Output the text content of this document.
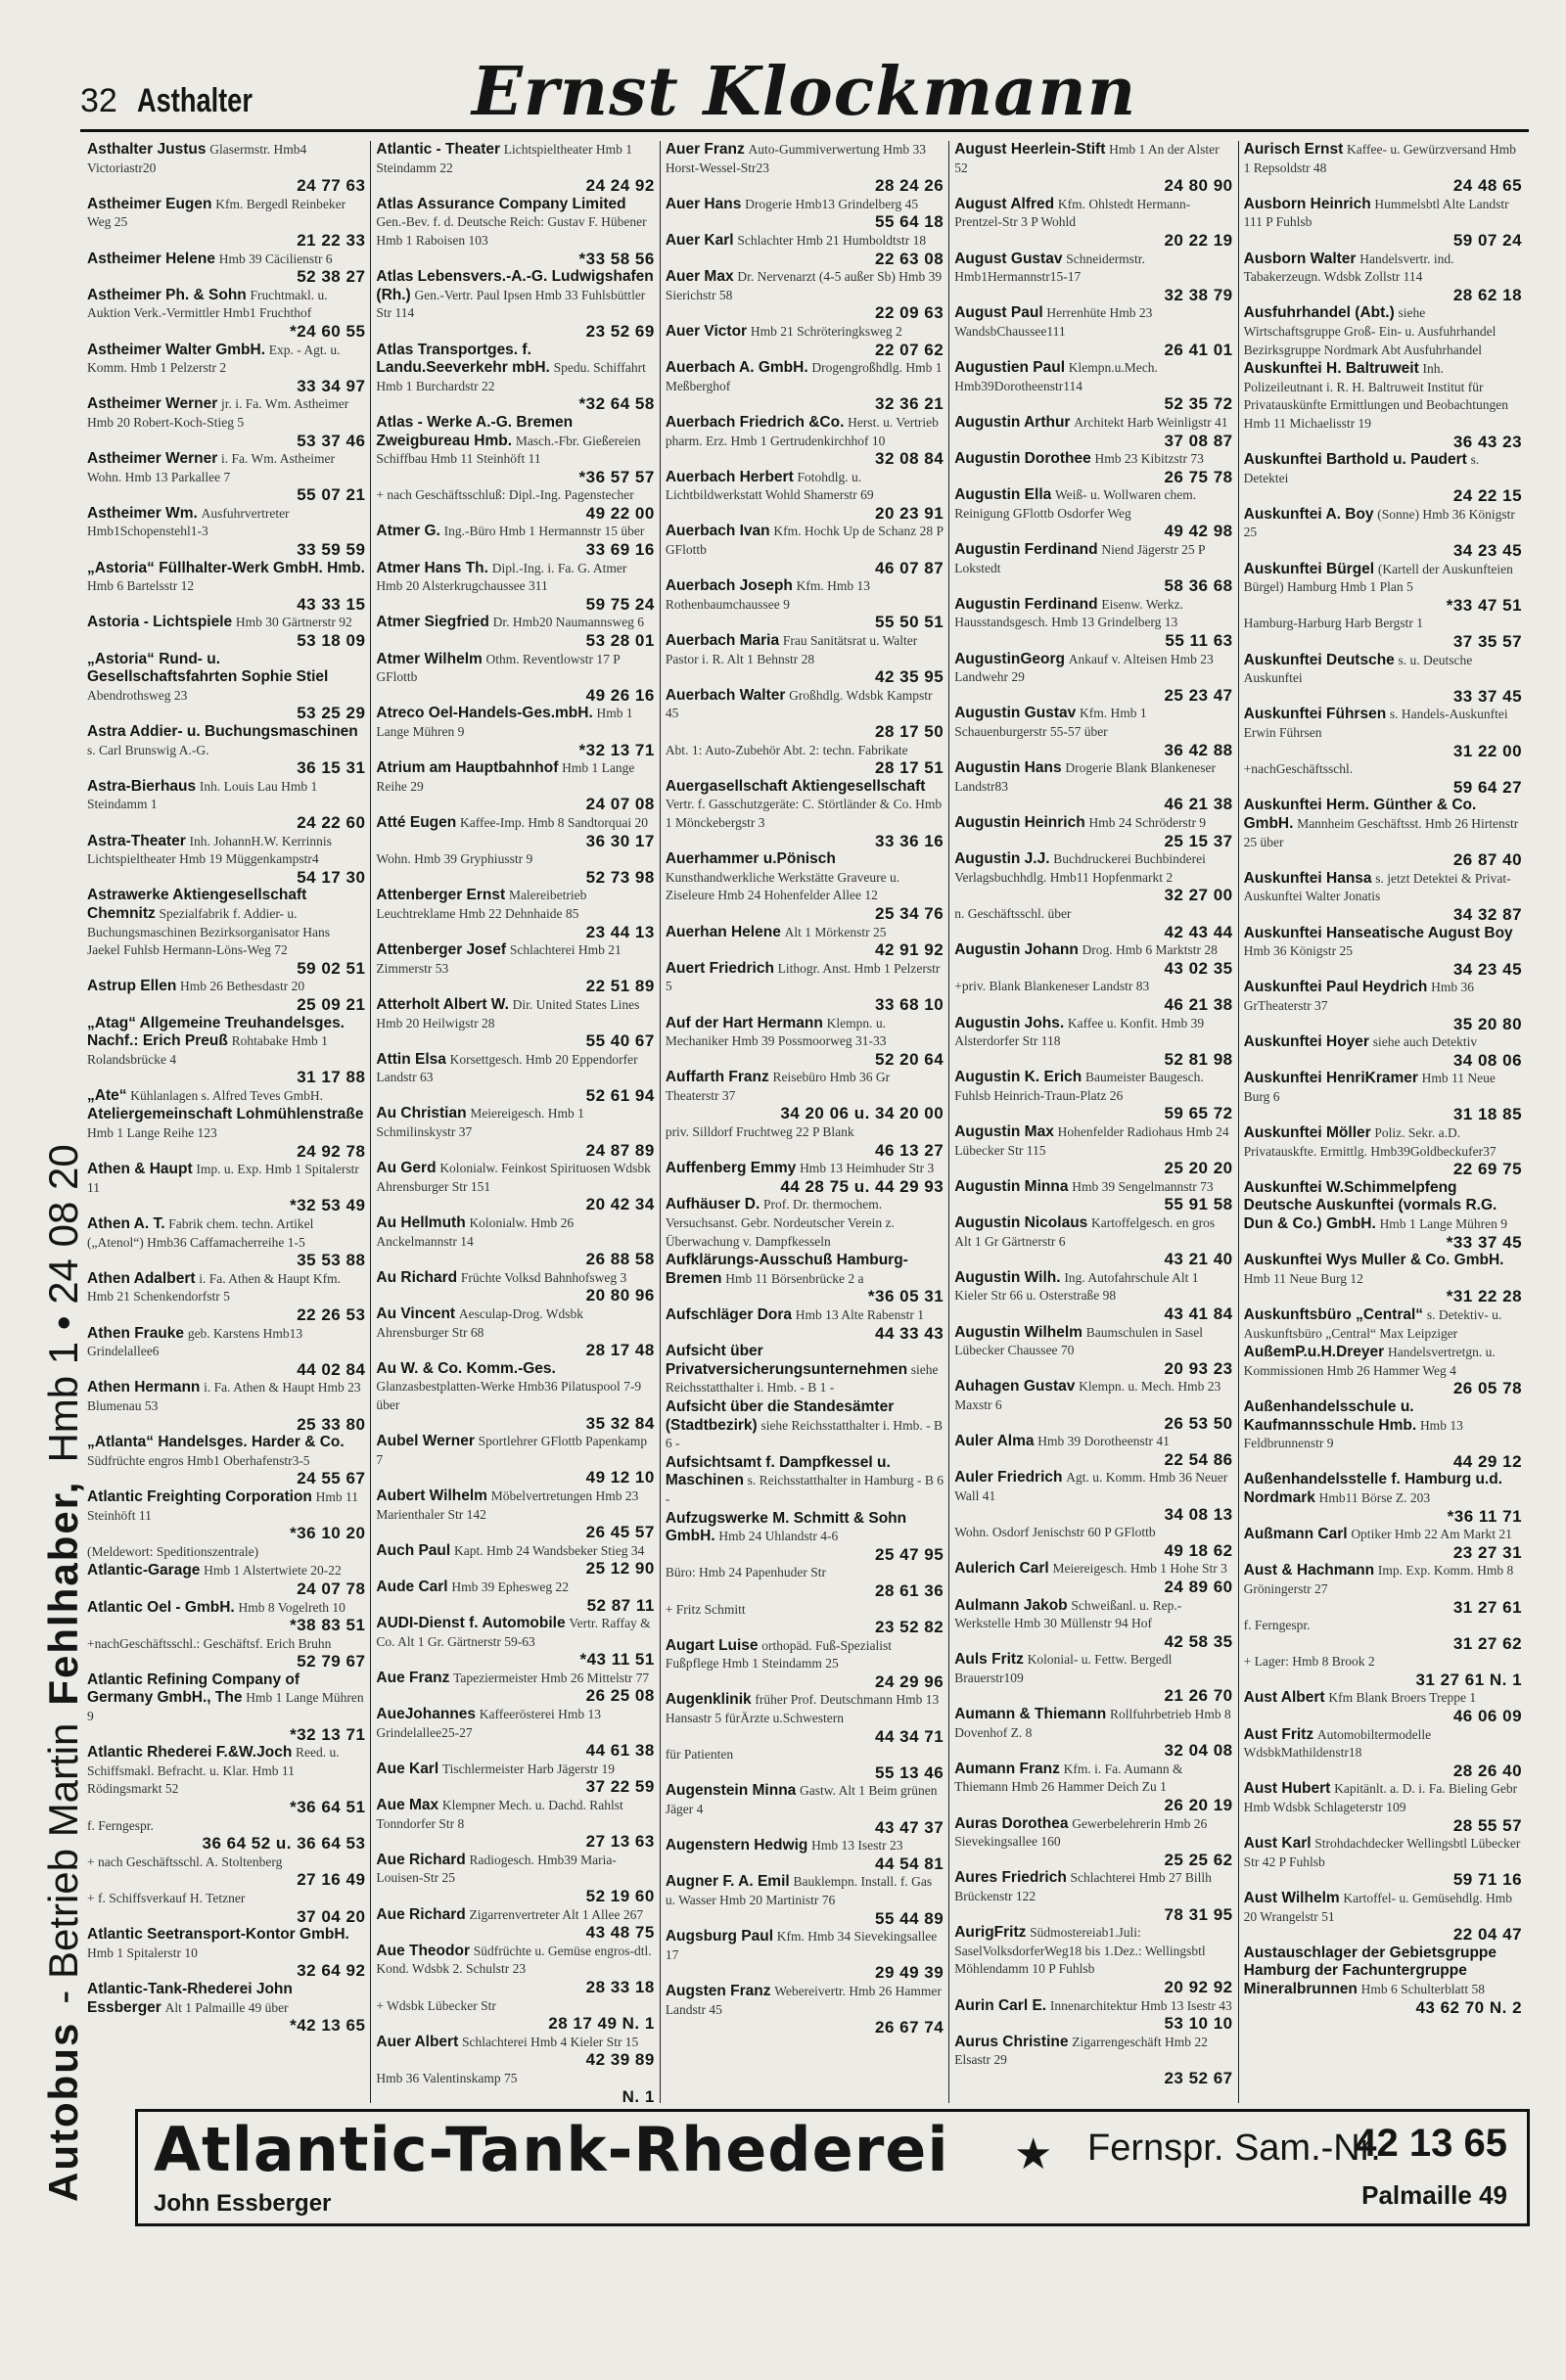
32 Asthalter	Ernst Klockmann
Autobus
- Betrieb Martin
Fehlhaber,
Hmb 1 • 24 08 20
Asthalter Justus Glasermstr. Hmb4 Victoriastr20
24 77 63
Astheimer Eugen Kfm. Bergedl Reinbeker Weg 25
21 22 33
Astheimer Helene Hmb 39 Cäcilienstr 6
52 38 27
Astheimer Ph. & Sohn Fruchtmakl. u. Auktion Verk.-Vermittler Hmb1 Fruchthof
*24 60 55
Astheimer Walter GmbH. Exp. - Agt. u. Komm. Hmb 1 Pelzerstr 2
33 34 97
Astheimer Werner jr. i. Fa. Wm. Astheimer Hmb 20 Robert-Koch-Stieg 5
53 37 46
Astheimer Werner i. Fa. Wm. Astheimer Wohn. Hmb 13 Parkallee 7
55 07 21
Astheimer Wm. Ausfuhrvertreter Hmb1Schopenstehl1-3
33 59 59
„Astoria“ Füllhalter-Werk GmbH. Hmb. Hmb 6 Bartelsstr 12
43 33 15
Astoria - Lichtspiele Hmb 30 Gärtnerstr 92
53 18 09
„Astoria“ Rund- u. Gesellschaftsfahrten Sophie Stiel Abendrothsweg 23
53 25 29
Astra Addier- u. Buchungsmaschinen s. Carl Brunswig A.-G.
36 15 31
Astra-Bierhaus Inh. Louis Lau Hmb 1 Steindamm 1
24 22 60
Astra-Theater Inh. JohannH.W. Kerrinnis Lichtspieltheater Hmb 19 Müggenkampstr4
54 17 30
Astrawerke Aktiengesellschaft Chemnitz Spezialfabrik f. Addier- u. Buchungsmaschinen Bezirksorganisator Hans Jaekel Fuhlsb Hermann-Löns-Weg 72
59 02 51
Astrup Ellen Hmb 26 Bethesdastr 20
25 09 21
„Atag“ Allgemeine Treuhandelsges. Nachf.: Erich Preuß Rohtabake Hmb 1 Rolandsbrücke 4
31 17 88
„Ate“ Kühlanlagen s. Alfred Teves GmbH.
Ateliergemeinschaft Lohmühlenstraße Hmb 1 Lange Reihe 123
24 92 78
Athen & Haupt Imp. u. Exp. Hmb 1 Spitalerstr 11
*32 53 49
Athen A. T. Fabrik chem. techn. Artikel („Atenol“) Hmb36 Caffamacherreihe 1-5
35 53 88
Athen Adalbert i. Fa. Athen & Haupt Kfm. Hmb 21 Schenkendorfstr 5
22 26 53
Athen Frauke geb. Karstens Hmb13 Grindelallee6
44 02 84
Athen Hermann i. Fa. Athen & Haupt Hmb 23 Blumenau 53
25 33 80
„Atlanta“ Handelsges. Harder & Co. Südfrüchte engros Hmb1 Oberhafenstr3-5
24 55 67
Atlantic Freighting Corporation Hmb 11 Steinhöft 11
*36 10 20
(Meldewort: Speditionszentrale)
Atlantic-Garage Hmb 1 Alstertwiete 20-22
24 07 78
Atlantic Oel - GmbH. Hmb 8 Vogelreth 10
*38 83 51
+nachGeschäftsschl.: Geschäftsf. Erich Bruhn
52 79 67
Atlantic Refining Company of Germany GmbH., The Hmb 1 Lange Mühren 9
*32 13 71
Atlantic Rhederei F.&W.Joch Reed. u. Schiffsmakl. Befracht. u. Klar. Hmb 11 Rödingsmarkt 52
*36 64 51
f. Ferngespr.
36 64 52 u. 36 64 53
+ nach Geschäftsschl. A. Stoltenberg
27 16 49
+ f. Schiffsverkauf H. Tetzner
37 04 20
Atlantic Seetransport-Kontor GmbH. Hmb 1 Spitalerstr 10
32 64 92
Atlantic-Tank-Rhederei John Essberger Alt 1 Palmaille 49 über
*42 13 65
Atlantic - Theater Lichtspieltheater Hmb 1 Steindamm 22
24 24 92
Atlas Assurance Company Limited Gen.-Bev. f. d. Deutsche Reich: Gustav F. Hübener Hmb 1 Raboisen 103
*33 58 56
Atlas Lebensvers.-A.-G. Ludwigshafen (Rh.) Gen.-Vertr. Paul Ipsen Hmb 33 Fuhlsbüttler Str 114
23 52 69
Atlas Transportges. f. Landu.Seeverkehr mbH. Spedu. Schiffahrt Hmb 1 Burchardstr 22
*32 64 58
Atlas - Werke A.-G. Bremen Zweigbureau Hmb. Masch.-Fbr. Gießereien Schiffbau Hmb 11 Steinhöft 11
*36 57 57
+ nach Geschäftsschluß: Dipl.-Ing. Pagenstecher
49 22 00
Atmer G. Ing.-Büro Hmb 1 Hermannstr 15 über
33 69 16
Atmer Hans Th. Dipl.-Ing. i. Fa. G. Atmer Hmb 20 Alsterkrugchaussee 311
59 75 24
Atmer Siegfried Dr. Hmb20 Naumannsweg 6
53 28 01
Atmer Wilhelm Othm. Reventlowstr 17 P GFlottb
49 26 16
Atreco Oel-Handels-Ges.mbH. Hmb 1 Lange Mühren 9
*32 13 71
Atrium am Hauptbahnhof Hmb 1 Lange Reihe 29
24 07 08
Atté Eugen Kaffee-Imp. Hmb 8 Sandtorquai 20
36 30 17
Wohn. Hmb 39 Gryphiusstr 9
52 73 98
Attenberger Ernst Malereibetrieb Leuchtreklame Hmb 22 Dehnhaide 85
23 44 13
Attenberger Josef Schlachterei Hmb 21 Zimmerstr 53
22 51 89
Atterholt Albert W. Dir. United States Lines Hmb 20 Heilwigstr 28
55 40 67
Attin Elsa Korsettgesch. Hmb 20 Eppendorfer Landstr 63
52 61 94
Au Christian Meiereigesch. Hmb 1 Schmilinskystr 37
24 87 89
Au Gerd Kolonialw. Feinkost Spirituosen Wdsbk Ahrensburger Str 151
20 42 34
Au Hellmuth Kolonialw. Hmb 26 Anckelmannstr 14
26 88 58
Au Richard Früchte Volksd Bahnhofsweg 3
20 80 96
Au Vincent Aesculap-Drog. Wdsbk Ahrensburger Str 68
28 17 48
Au W. & Co. Komm.-Ges. Glanzasbestplatten-Werke Hmb36 Pilatuspool 7-9 über
35 32 84
Aubel Werner Sportlehrer GFlottb Papenkamp 7
49 12 10
Aubert Wilhelm Möbelvertretungen Hmb 23 Marienthaler Str 142
26 45 57
Auch Paul Kapt. Hmb 24 Wandsbeker Stieg 34
25 12 90
Aude Carl Hmb 39 Ephesweg 22
52 87 11
AUDI-Dienst f. Automobile Vertr. Raffay & Co. Alt 1 Gr. Gärtnerstr 59-63
*43 11 51
Aue Franz Tapeziermeister Hmb 26 Mittelstr 77
26 25 08
AueJohannes Kaffeerösterei Hmb 13 Grindelallee25-27
44 61 38
Aue Karl Tischlermeister Harb Jägerstr 19
37 22 59
Aue Max Klempner Mech. u. Dachd. Rahlst Tonndorfer Str 8
27 13 63
Aue Richard Radiogesch. Hmb39 Maria-Louisen-Str 25
52 19 60
Aue Richard Zigarrenvertreter Alt 1 Allee 267
43 48 75
Aue Theodor Südfrüchte u. Gemüse engros-dtl. Kond. Wdsbk 2. Schulstr 23
28 33 18
+ Wdsbk Lübecker Str
28 17 49 N. 1
Auer Albert Schlachterei Hmb 4 Kieler Str 15
42 39 89
Hmb 36 Valentinskamp 75
N. 1
Auer Franz Auto-Gummiverwertung Hmb 33 Horst-Wessel-Str23
28 24 26
Auer Hans Drogerie Hmb13 Grindelberg 45
55 64 18
Auer Karl Schlachter Hmb 21 Humboldtstr 18
22 63 08
Auer Max Dr. Nervenarzt (4-5 außer Sb) Hmb 39 Sierichstr 58
22 09 63
Auer Victor Hmb 21 Schröteringksweg 2
22 07 62
Auerbach A. GmbH. Drogengroßhdlg. Hmb 1 Meßberghof
32 36 21
Auerbach Friedrich &Co. Herst. u. Vertrieb pharm. Erz. Hmb 1 Gertrudenkirchhof 10
32 08 84
Auerbach Herbert Fotohdlg. u. Lichtbildwerkstatt Wohld Shamerstr 69
20 23 91
Auerbach Ivan Kfm. Hochk Up de Schanz 28 P GFlottb
46 07 87
Auerbach Joseph Kfm. Hmb 13 Rothenbaumchaussee 9
55 50 51
Auerbach Maria Frau Sanitätsrat u. Walter Pastor i. R. Alt 1 Behnstr 28
42 35 95
Auerbach Walter Großhdlg. Wdsbk Kampstr 45
28 17 50
Abt. 1: Auto-Zubehör Abt. 2: techn. Fabrikate
28 17 51
Auergasellschaft Aktiengesellschaft Vertr. f. Gasschutzgeräte: C. Störtländer & Co. Hmb 1 Mönckebergstr 3
33 36 16
Auerhammer u.Pönisch Kunsthandwerkliche Werkstätte Graveure u. Ziseleure Hmb 24 Hohenfelder Allee 12
25 34 76
Auerhan Helene Alt 1 Mörkenstr 25
42 91 92
Auert Friedrich Lithogr. Anst. Hmb 1 Pelzerstr 5
33 68 10
Auf der Hart Hermann Klempn. u. Mechaniker Hmb 39 Possmoorweg 31-33
52 20 64
Auffarth Franz Reisebüro Hmb 36 Gr Theaterstr 37
34 20 06 u. 34 20 00
priv. Silldorf Fruchtweg 22 P Blank
46 13 27
Auffenberg Emmy Hmb 13 Heimhuder Str 3
44 28 75 u. 44 29 93
Aufhäuser D. Prof. Dr. thermochem. Versuchsanst. Gebr. Nordeutscher Verein z. Überwachung v. Dampfkesseln
Aufklärungs-Ausschuß Hamburg-Bremen Hmb 11 Börsenbrücke 2 a
*36 05 31
Aufschläger Dora Hmb 13 Alte Rabenstr 1
44 33 43
Aufsicht über Privatversicherungsunternehmen siehe Reichsstatthalter i. Hmb. - B 1 -
Aufsicht über die Standesämter (Stadtbezirk) siehe Reichsstatthalter i. Hmb. - B 6 -
Aufsichtsamt f. Dampfkessel u. Maschinen s. Reichsstatthalter in Hamburg - B 6 -
Aufzugswerke M. Schmitt & Sohn GmbH. Hmb 24 Uhlandstr 4-6
25 47 95
Büro: Hmb 24 Papenhuder Str
28 61 36
+ Fritz Schmitt
23 52 82
Augart Luise orthopäd. Fuß-Spezialist Fußpflege Hmb 1 Steindamm 25
24 29 96
Augenklinik früher Prof. Deutschmann Hmb 13 Hansastr 5 fürÄrzte u.Schwestern
44 34 71
für Patienten
55 13 46
Augenstein Minna Gastw. Alt 1 Beim grünen Jäger 4
43 47 37
Augenstern Hedwig Hmb 13 Isestr 23
44 54 81
Augner F. A. Emil Bauklempn. Install. f. Gas u. Wasser Hmb 20 Martinistr 76
55 44 89
Augsburg Paul Kfm. Hmb 34 Sievekingsallee 17
29 49 39
Augsten Franz Webereivertr. Hmb 26 Hammer Landstr 45
26 67 74
August Heerlein-Stift Hmb 1 An der Alster 52
24 80 90
August Alfred Kfm. Ohlstedt Hermann-Prentzel-Str 3 P Wohld
20 22 19
August Gustav Schneidermstr. Hmb1Hermannstr15-17
32 38 79
August Paul Herrenhüte Hmb 23 WandsbChaussee111
26 41 01
Augustien Paul Klempn.u.Mech. Hmb39Dorotheenstr114
52 35 72
Augustin Arthur Architekt Harb Weinligstr 41
37 08 87
Augustin Dorothee Hmb 23 Kibitzstr 73
26 75 78
Augustin Ella Weiß- u. Wollwaren chem. Reinigung GFlottb Osdorfer Weg
49 42 98
Augustin Ferdinand Niend Jägerstr 25 P Lokstedt
58 36 68
Augustin Ferdinand Eisenw. Werkz. Hausstandsgesch. Hmb 13 Grindelberg 13
55 11 63
AugustinGeorg Ankauf v. Alteisen Hmb 23 Landwehr 29
25 23 47
Augustin Gustav Kfm. Hmb 1 Schauenburgerstr 55-57 über
36 42 88
Augustin Hans Drogerie Blank Blankeneser Landstr83
46 21 38
Augustin Heinrich Hmb 24 Schröderstr 9
25 15 37
Augustin J.J. Buchdruckerei Buchbinderei Verlagsbuchhdlg. Hmb11 Hopfenmarkt 2
32 27 00
n. Geschäftsschl. über
42 43 44
Augustin Johann Drog. Hmb 6 Marktstr 28
43 02 35
+priv. Blank Blankeneser Landstr 83
46 21 38
Augustin Johs. Kaffee u. Konfit. Hmb 39 Alsterdorfer Str 118
52 81 98
Augustin K. Erich Baumeister Baugesch. Fuhlsb Heinrich-Traun-Platz 26
59 65 72
Augustin Max Hohenfelder Radiohaus Hmb 24 Lübecker Str 115
25 20 20
Augustin Minna Hmb 39 Sengelmannstr 73
55 91 58
Augustin Nicolaus Kartoffelgesch. en gros Alt 1 Gr Gärtnerstr 6
43 21 40
Augustin Wilh. Ing. Autofahrschule Alt 1 Kieler Str 66 u. Osterstraße 98
43 41 84
Augustin Wilhelm Baumschulen in Sasel Lübecker Chaussee 70
20 93 23
Auhagen Gustav Klempn. u. Mech. Hmb 23 Maxstr 6
26 53 50
Auler Alma Hmb 39 Dorotheenstr 41
22 54 86
Auler Friedrich Agt. u. Komm. Hmb 36 Neuer Wall 41
34 08 13
Wohn. Osdorf Jenischstr 60 P GFlottb
49 18 62
Aulerich Carl Meiereigesch. Hmb 1 Hohe Str 3
24 89 60
Aulmann Jakob Schweißanl. u. Rep.-Werkstelle Hmb 30 Müllenstr 94 Hof
42 58 35
Auls Fritz Kolonial- u. Fettw. Bergedl Brauerstr109
21 26 70
Aumann & Thiemann Rollfuhrbetrieb Hmb 8 Dovenhof Z. 8
32 04 08
Aumann Franz Kfm. i. Fa. Aumann & Thiemann Hmb 26 Hammer Deich Zu 1
26 20 19
Auras Dorothea Gewerbelehrerin Hmb 26 Sievekingsallee 160
25 25 62
Aures Friedrich Schlachterei Hmb 27 Billh Brückenstr 122
78 31 95
AurigFritz Südmostereiab1.Juli: SaselVolksdorferWeg18 bis 1.Dez.: Wellingsbtl Möhlendamm 10 P Fuhlsb
20 92 92
Aurin Carl E. Innenarchitektur Hmb 13 Isestr 43
53 10 10
Aurus Christine Zigarrengeschäft Hmb 22 Elsastr 29
23 52 67
Aurisch Ernst Kaffee- u. Gewürzversand Hmb 1 Repsoldstr 48
24 48 65
Ausborn Heinrich Hummelsbtl Alte Landstr 111 P Fuhlsb
59 07 24
Ausborn Walter Handelsvertr. ind. Tabakerzeugn. Wdsbk Zollstr 114
28 62 18
Ausfuhrhandel (Abt.) siehe Wirtschaftsgruppe Groß- Ein- u. Ausfuhrhandel Bezirksgruppe Nordmark Abt Ausfuhrhandel
Auskunftei H. Baltruweit Inh. Polizeileutnant i. R. H. Baltruweit Institut für Privatauskünfte Ermittlungen und Beobachtungen Hmb 11 Michaelisstr 19
36 43 23
Auskunftei Barthold u. Paudert s. Detektei
24 22 15
Auskunftei A. Boy (Sonne) Hmb 36 Königstr 25
34 23 45
Auskunftei Bürgel (Kartell der Auskunfteien Bürgel) Hamburg Hmb 1 Plan 5
*33 47 51
Hamburg-Harburg Harb Bergstr 1
37 35 57
Auskunftei Deutsche s. u. Deutsche Auskunftei
33 37 45
Auskunftei Führsen s. Handels-Auskunftei Erwin Führsen
31 22 00
+nachGeschäftsschl.
59 64 27
Auskunftei Herm. Günther & Co. GmbH. Mannheim Geschäftsst. Hmb 26 Hirtenstr 25 über
26 87 40
Auskunftei Hansa s. jetzt Detektei & Privat-Auskunftei Walter Jonatis
34 32 87
Auskunftei Hanseatische August Boy Hmb 36 Königstr 25
34 23 45
Auskunftei Paul Heydrich Hmb 36 GrTheaterstr 37
35 20 80
Auskunftei Hoyer siehe auch Detektiv
34 08 06
Auskunftei HenriKramer Hmb 11 Neue Burg 6
31 18 85
Auskunftei Möller Poliz. Sekr. a.D. Privatauskfte. Ermittlg. Hmb39Goldbeckufer37
22 69 75
Auskunftei W.Schimmelpfeng Deutsche Auskunftei (vormals R.G. Dun & Co.) GmbH. Hmb 1 Lange Mühren 9
*33 37 45
Auskunftei Wys Muller & Co. GmbH. Hmb 11 Neue Burg 12
*31 22 28
Auskunftsbüro „Central“ s. Detektiv- u. Auskunftsbüro „Central“ Max Leipziger
AußemP.u.H.Dreyer Handelsvertretgn. u. Kommissionen Hmb 26 Hammer Weg 4
26 05 78
Außenhandelsschule u. Kaufmannsschule Hmb. Hmb 13 Feldbrunnenstr 9
44 29 12
Außenhandelsstelle f. Hamburg u.d. Nordmark Hmb11 Börse Z. 203
*36 11 71
Außmann Carl Optiker Hmb 22 Am Markt 21
23 27 31
Aust & Hachmann Imp. Exp. Komm. Hmb 8 Gröningerstr 27
31 27 61
f. Ferngespr.
31 27 62
+ Lager: Hmb 8 Brook 2
31 27 61 N. 1
Aust Albert Kfm Blank Broers Treppe 1
46 06 09
Aust Fritz Automobiltermodelle WdsbkMathildenstr18
28 26 40
Aust Hubert Kapitänlt. a. D. i. Fa. Bieling Gebr Hmb Wdsbk Schlageterstr 109
28 55 57
Aust Karl Strohdachdecker Wellingsbtl Lübecker Str 42 P Fuhlsb
59 71 16
Aust Wilhelm Kartoffel- u. Gemüsehdlg. Hmb 20 Wrangelstr 51
22 04 47
Austauschlager der Gebietsgruppe Hamburg der Fachuntergruppe Mineralbrunnen Hmb 6 Schulterblatt 58
43 62 70 N. 2
Atlantic-Tank-Rhederei
John Essberger
★ Fernspr. Sam.-Nr.
42 13 65
Palmaille 49
